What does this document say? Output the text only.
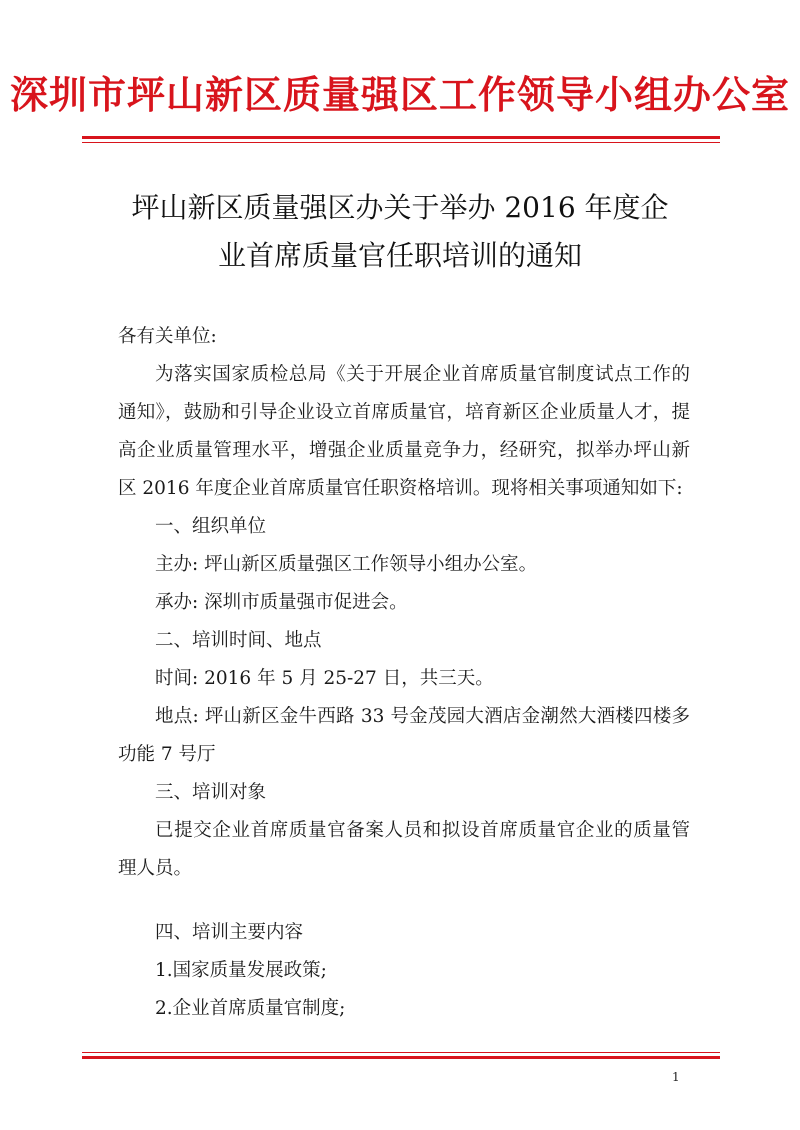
深圳市坪山新区质量强区工作领导小组办公室
坪山新区质量强区办关于举办 2016 年度企
业首席质量官任职培训的通知

各有关单位:

为落实国家质检总局《关于开展企业首席质量官制度试点工作的通知》，鼓励和引导企业设立首席质量官，培育新区企业质量人才，提高企业质量管理水平，增强企业质量竞争力，经研究，拟举办坪山新区 2016 年度企业首席质量官任职资格培训。现将相关事项通知如下:

一、组织单位

主办: 坪山新区质量强区工作领导小组办公室。

承办: 深圳市质量强市促进会。

二、培训时间、地点

时间: 2016 年 5 月 25-27 日，共三天。

地点: 坪山新区金牛西路 33 号金茂园大酒店金潮然大酒楼四楼多功能 7 号厅

三、培训对象

已提交企业首席质量官备案人员和拟设首席质量官企业的质量管理人员。

四、培训主要内容

1.国家质量发展政策;

2.企业首席质量官制度;

1
